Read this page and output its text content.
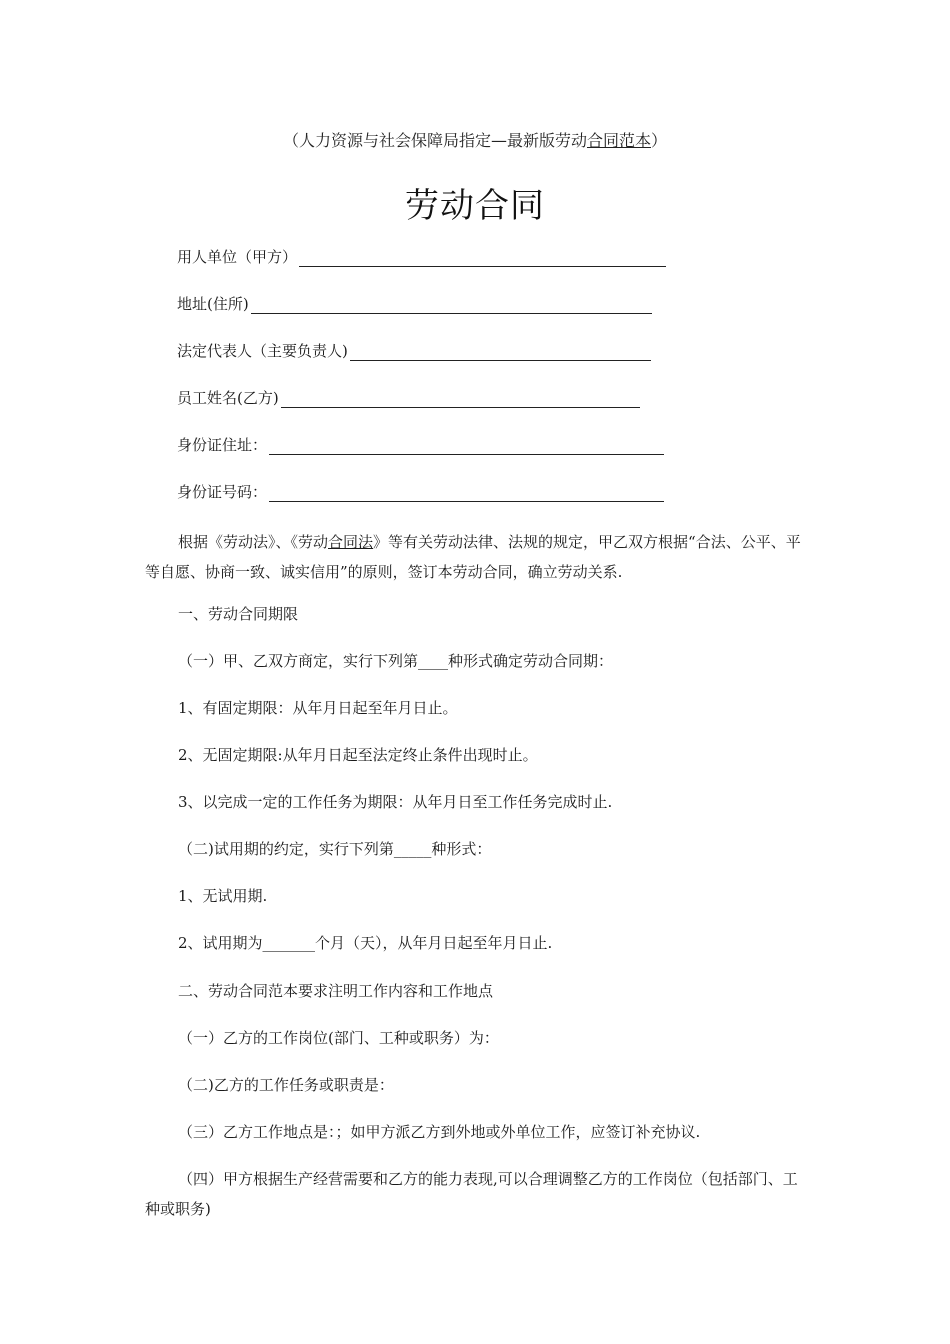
（人力资源与社会保障局指定—最新版劳动合同范本）
劳动合同
用人单位（甲方）
地址(住所)
法定代表人（主要负责人)
员工姓名(乙方)
身份证住址：
身份证号码：
根据《劳动法》、《劳动合同法》等有关劳动法律、法规的规定，甲乙双方根据“合法、公平、平等自愿、协商一致、诚实信用”的原则，签订本劳动合同，确立劳动关系.
一、劳动合同期限
（一）甲、乙双方商定，实行下列第____种形式确定劳动合同期：
1、有固定期限：从年月日起至年月日止。
2、无固定期限:从年月日起至法定终止条件出现时止。
3、以完成一定的工作任务为期限：从年月日至工作任务完成时止.
（二)试用期的约定，实行下列第_____种形式：
1、无试用期.
2、试用期为_______个月（天），从年月日起至年月日止.
二、劳动合同范本要求注明工作内容和工作地点
（一）乙方的工作岗位(部门、工种或职务）为：
（二)乙方的工作任务或职责是：
（三）乙方工作地点是：；如甲方派乙方到外地或外单位工作，应签订补充协议.
（四）甲方根据生产经营需要和乙方的能力表现,可以合理调整乙方的工作岗位（包括部门、工种或职务)
